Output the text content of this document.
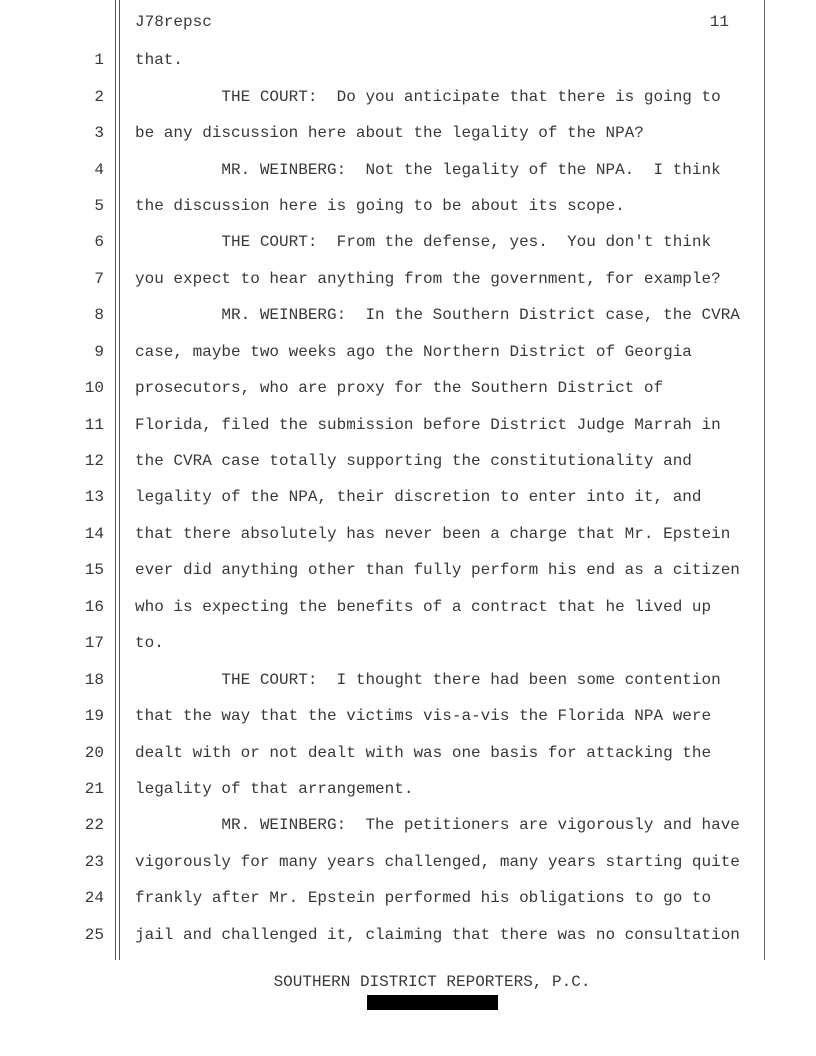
J78repsc	11
1 that.
2 THE COURT:  Do you anticipate that there is going to
3 be any discussion here about the legality of the NPA?
4 MR. WEINBERG:  Not the legality of the NPA.  I think
5 the discussion here is going to be about its scope.
6 THE COURT:  From the defense, yes.  You don't think
7 you expect to hear anything from the government, for example?
8 MR. WEINBERG:  In the Southern District case, the CVRA
9 case, maybe two weeks ago the Northern District of Georgia
10 prosecutors, who are proxy for the Southern District of
11 Florida, filed the submission before District Judge Marrah in
12 the CVRA case totally supporting the constitutionality and
13 legality of the NPA, their discretion to enter into it, and
14 that there absolutely has never been a charge that Mr. Epstein
15 ever did anything other than fully perform his end as a citizen
16 who is expecting the benefits of a contract that he lived up
17 to.
18 THE COURT:  I thought there had been some contention
19 that the way that the victims vis-a-vis the Florida NPA were
20 dealt with or not dealt with was one basis for attacking the
21 legality of that arrangement.
22 MR. WEINBERG:  The petitioners are vigorously and have
23 vigorously for many years challenged, many years starting quite
24 frankly after Mr. Epstein performed his obligations to go to
25 jail and challenged it, claiming that there was no consultation
SOUTHERN DISTRICT REPORTERS, P.C.
